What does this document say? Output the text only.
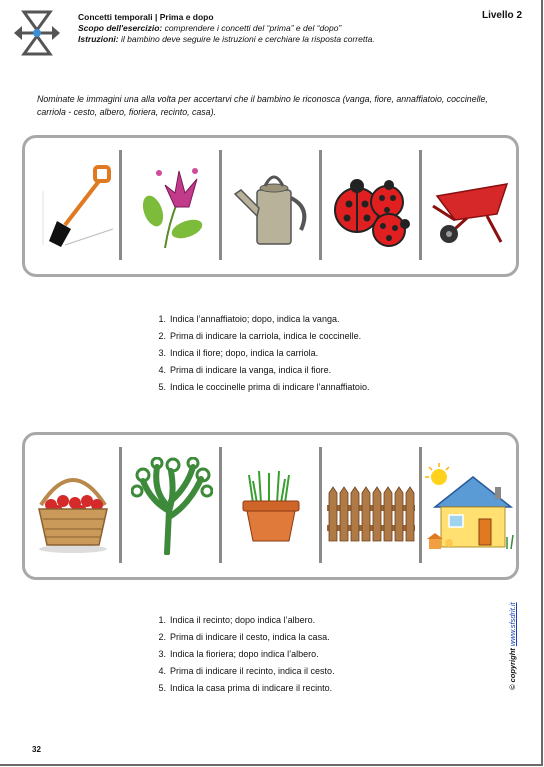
Concetti temporali | Prima e dopo
Scopo dell'esercizio: comprendere i concetti del “prima” e del “dopo”
Istruzioni: il bambino deve seguire le istruzioni e cerchiare la risposta corretta.
Livello 2
Nominate le immagini una alla volta per accertarvi che il bambino le riconosca (vanga, fiore, annaffiatoio, coccinelle, carriola - cesto, albero, fioriera, recinto, casa).
1. Indica l’annaffiatoio; dopo, indica la vanga.
2. Prima di indicare la carriola, indica le coccinelle.
3. Indica il fiore; dopo, indica la carriola.
4. Prima di indicare la vanga, indica il fiore.
5. Indica le coccinelle prima di indicare l’annaffiatoio.
1. Indica il recinto; dopo indica l’albero.
2. Prima di indicare il cesto, indica la casa.
3. Indica la fioriera; dopo indica l’albero.
4. Prima di indicare il recinto, indica il cesto.
5. Indica la casa prima di indicare il recinto.	© copyright www.sfsdrit.it
32
